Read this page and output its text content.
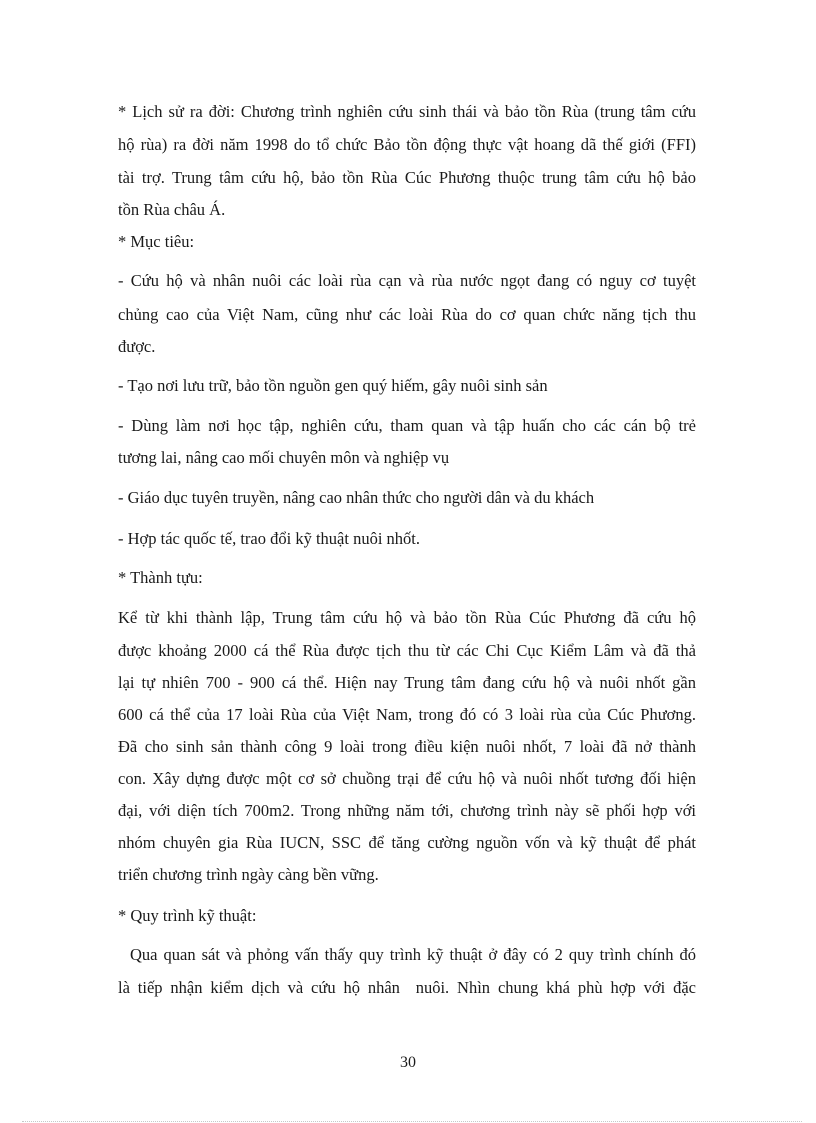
* Lịch sử ra đời: Chương trình nghiên cứu sinh thái và bảo tồn Rùa (trung tâm cứu
hộ rùa) ra đời năm 1998 do tổ chức Bảo tồn động thực vật hoang dã thế giới (FFI)
tài trợ. Trung tâm cứu hộ, bảo tồn Rùa Cúc Phương thuộc trung tâm cứu hộ bảo
tồn Rùa châu Á.
* Mục tiêu:
- Cứu hộ và nhân nuôi các loài rùa cạn và rùa nước ngọt đang có nguy cơ tuyệt
chủng cao của Việt Nam, cũng như các loài Rùa do cơ quan chức năng tịch thu
được.
- Tạo nơi lưu trữ, bảo tồn nguồn gen quý hiếm, gây nuôi sinh sản
- Dùng làm nơi học tập, nghiên cứu, tham quan và tập huấn cho các cán bộ trẻ
tương lai, nâng cao mối chuyên môn và nghiệp vụ
- Giáo dục tuyên truyền, nâng cao nhân thức cho người dân và du khách
- Hợp tác quốc tế, trao đổi kỹ thuật nuôi nhốt.
* Thành tựu:
Kể từ khi thành lập, Trung tâm cứu hộ và bảo tồn Rùa Cúc Phương đã cứu hộ
được khoảng 2000 cá thể Rùa được tịch thu từ các Chi Cục Kiểm Lâm và đã thả
lại tự nhiên 700 - 900 cá thể. Hiện nay Trung tâm đang cứu hộ và nuôi nhốt gần
600 cá thể của 17 loài Rùa của Việt Nam, trong đó có 3 loài rùa của Cúc Phương.
Đã cho sinh sản thành công 9 loài trong điều kiện nuôi nhốt, 7 loài đã nở thành
con. Xây dựng được một cơ sở chuồng trại để cứu hộ và nuôi nhốt tương đối hiện
đại, với diện tích 700m2. Trong những năm tới, chương trình này sẽ phối hợp với
nhóm chuyên gia Rùa IUCN, SSC để tăng cường nguồn vốn và kỹ thuật để phát
triển chương trình ngày càng bền vững.
* Quy trình kỹ thuật:
Qua quan sát và phỏng vấn thấy quy trình kỹ thuật ở đây có 2 quy trình chính đó
là tiếp nhận kiểm dịch và cứu hộ nhân  nuôi. Nhìn chung khá phù hợp với đặc
30
